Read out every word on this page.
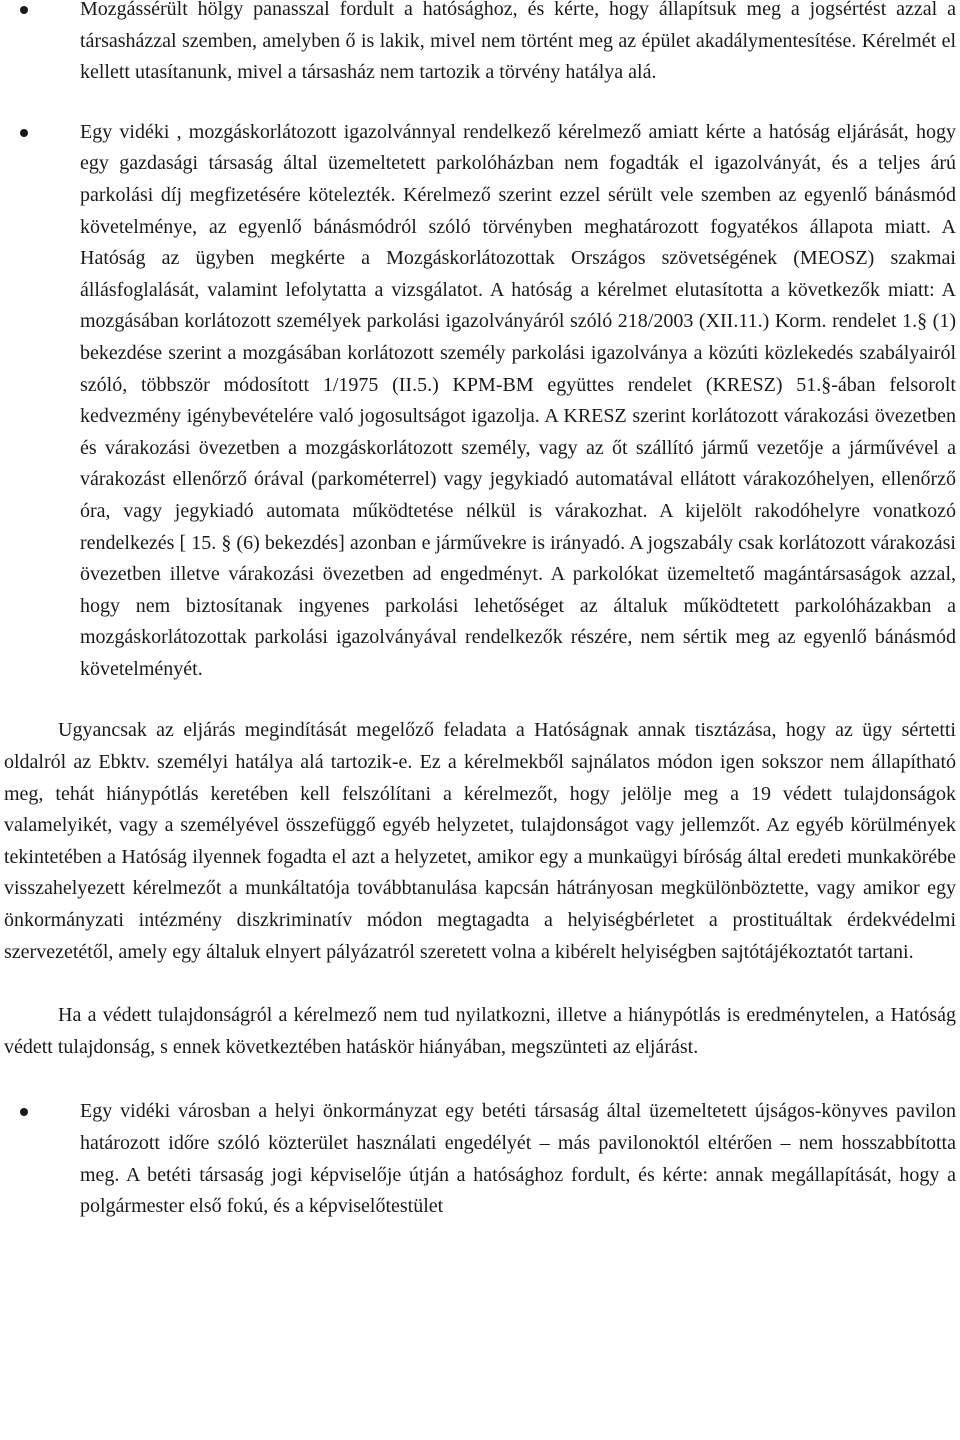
Mozgássérült hölgy panasszal fordult a hatósághoz, és kérte, hogy állapítsuk meg a jogsértést azzal a társasházzal szemben, amelyben ő is lakik, mivel nem történt meg az épület akadálymentesítése. Kérelmét el kellett utasítanunk, mivel a társasház nem tartozik a törvény hatálya alá.
Egy vidéki , mozgáskorlátozott igazolvánnyal rendelkező kérelmező amiatt kérte a hatóság eljárását, hogy egy gazdasági társaság által üzemeltetett parkolóházban nem fogadták el igazolványát, és a teljes árú parkolási díj megfizetésére kötelezték. Kérelmező szerint ezzel sérült vele szemben az egyenlő bánásmód követelménye, az egyenlő bánásmódról szóló törvényben meghatározott fogyatékos állapota miatt. A Hatóság az ügyben megkérte a Mozgáskorlátozottak Országos szövetségének (MEOSZ) szakmai állásfoglalását, valamint lefolytatta a vizsgálatot. A hatóság a kérelmet elutasította a következők miatt: A mozgásában korlátozott személyek parkolási igazolványáról szóló 218/2003 (XII.11.) Korm. rendelet 1.§ (1) bekezdése szerint a mozgásában korlátozott személy parkolási igazolványa a közúti közlekedés szabályairól szóló, többször módosított 1/1975 (II.5.) KPM-BM együttes rendelet (KRESZ) 51.§-ában felsorolt kedvezmény igénybevételére való jogosultságot igazolja. A KRESZ szerint korlátozott várakozási övezetben és várakozási övezetben a mozgáskorlátozott személy, vagy az őt szállító jármű vezetője a járművével a várakozást ellenőrző órával (parkométerrel) vagy jegykiadó automatával ellátott várakozóhelyen, ellenőrző óra, vagy jegykiadó automata működtetése nélkül is várakozhat. A kijelölt rakodóhelyre vonatkozó rendelkezés [ 15. § (6) bekezdés] azonban e járművekre is irányadó. A jogszabály csak korlátozott várakozási övezetben illetve várakozási övezetben ad engedményt. A parkolókat üzemeltető magántársaságok azzal, hogy nem biztosítanak ingyenes parkolási lehetőséget az általuk működtetett parkolóházakban a mozgáskorlátozottak parkolási igazolványával rendelkezők részére, nem sértik meg az egyenlő bánásmód követelményét.

Ugyancsak az eljárás megindítását megelőző feladata a Hatóságnak annak tisztázása, hogy az ügy sértetti oldalról az Ebktv. személyi hatálya alá tartozik-e. Ez a kérelmekből sajnálatos módon igen sokszor nem állapítható meg, tehát hiánypótlás keretében kell felszólítani a kérelmezőt, hogy jelölje meg a 19 védett tulajdonságok valamelyikét, vagy a személyével összefüggő egyéb helyzetet, tulajdonságot vagy jellemzőt. Az egyéb körülmények tekintetében a Hatóság ilyennek fogadta el azt a helyzetet, amikor egy a munkaügyi bíróság által eredeti munkakörébe visszahelyezett kérelmezőt a munkáltatója továbbtanulása kapcsán hátrányosan megkülönböztette, vagy amikor egy önkormányzati intézmény diszkriminatív módon megtagadta a helyiségbérletet a prostituáltak érdekvédelmi szervezetétől, amely egy általuk elnyert pályázatról szeretett volna a kibérelt helyiségben sajtótájékoztatót tartani.

Ha a védett tulajdonságról a kérelmező nem tud nyilatkozni, illetve a hiánypótlás is eredménytelen, a Hatóság védett tulajdonság, s ennek következtében hatáskör hiányában, megszünteti az eljárást.

Egy vidéki városban a helyi önkormányzat egy betéti társaság által üzemeltetett újságos-könyves pavilon határozott időre szóló közterület használati engedélyét – más pavilonoktól eltérően – nem hosszabbította meg. A betéti társaság jogi képviselője útján a hatósághoz fordult, és kérte: annak megállapítását, hogy a polgármester első fokú, és a képviselőtestület
